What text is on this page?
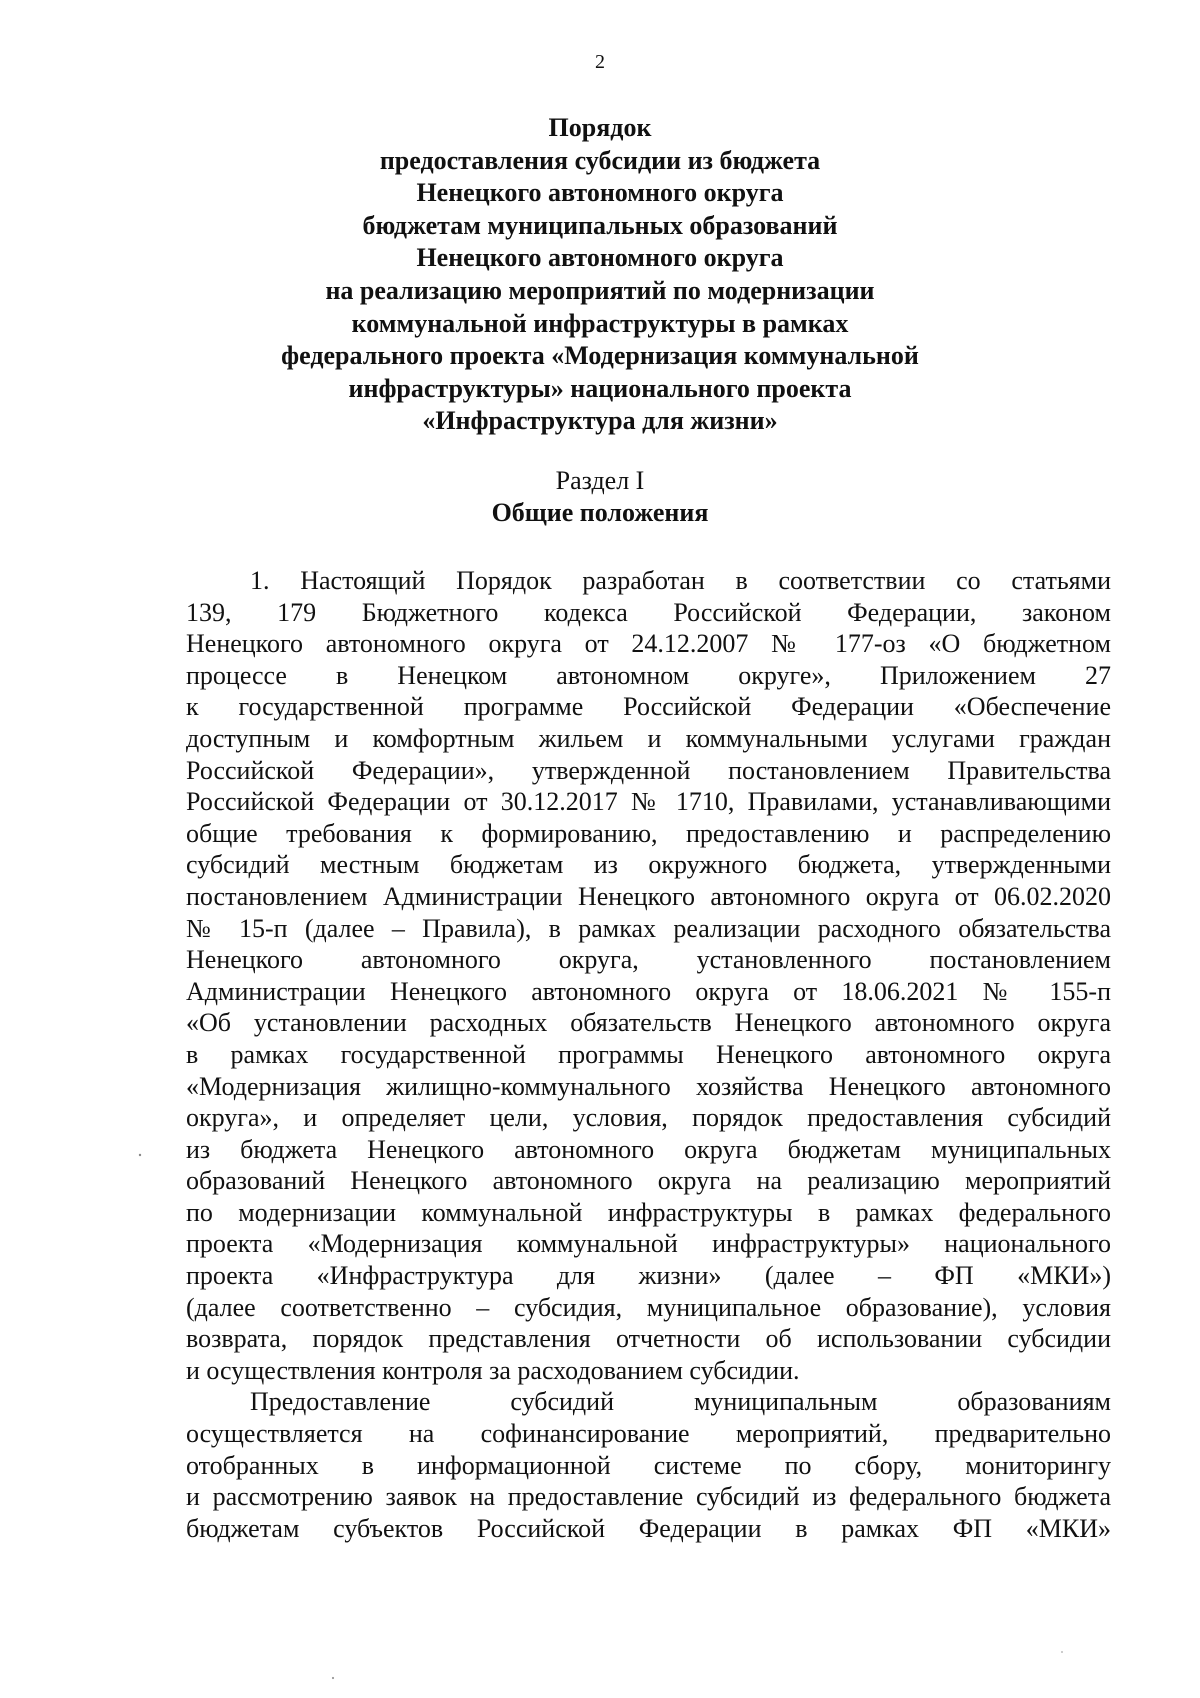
2
Порядок
предоставления субсидии из бюджета
Ненецкого автономного округа
бюджетам муниципальных образований
Ненецкого автономного округа
на реализацию мероприятий по модернизации
коммунальной инфраструктуры в рамках
федерального проекта «Модернизация коммунальной
инфраструктуры» национального проекта
«Инфраструктура для жизни»
Раздел I
Общие положения
1. Настоящий Порядок разработан в соответствии со статьями
139, 179 Бюджетного кодекса Российской Федерации, законом
Ненецкого автономного округа от 24.12.2007 № 177-оз «О бюджетном
процессе в Ненецком автономном округе», Приложением 27
к государственной программе Российской Федерации «Обеспечение
доступным и комфортным жильем и коммунальными услугами граждан
Российской Федерации», утвержденной постановлением Правительства
Российской Федерации от 30.12.2017 № 1710, Правилами, устанавливающими
общие требования к формированию, предоставлению и распределению
субсидий местным бюджетам из окружного бюджета, утвержденными
постановлением Администрации Ненецкого автономного округа от 06.02.2020
№ 15-п (далее – Правила), в рамках реализации расходного обязательства
Ненецкого автономного округа, установленного постановлением
Администрации Ненецкого автономного округа от 18.06.2021 № 155-п
«Об установлении расходных обязательств Ненецкого автономного округа
в рамках государственной программы Ненецкого автономного округа
«Модернизация жилищно-коммунального хозяйства Ненецкого автономного
округа», и определяет цели, условия, порядок предоставления субсидий
из бюджета Ненецкого автономного округа бюджетам муниципальных
образований Ненецкого автономного округа на реализацию мероприятий
по модернизации коммунальной инфраструктуры в рамках федерального
проекта «Модернизация коммунальной инфраструктуры» национального
проекта «Инфраструктура для жизни» (далее – ФП «МКИ»)
(далее соответственно – субсидия, муниципальное образование), условия
возврата, порядок представления отчетности об использовании субсидии
и осуществления контроля за расходованием субсидии.
Предоставление субсидий муниципальным образованиям
осуществляется на софинансирование мероприятий, предварительно
отобранных в информационной системе по сбору, мониторингу
и рассмотрению заявок на предоставление субсидий из федерального бюджета
бюджетам субъектов Российской Федерации в рамках ФП «МКИ»
